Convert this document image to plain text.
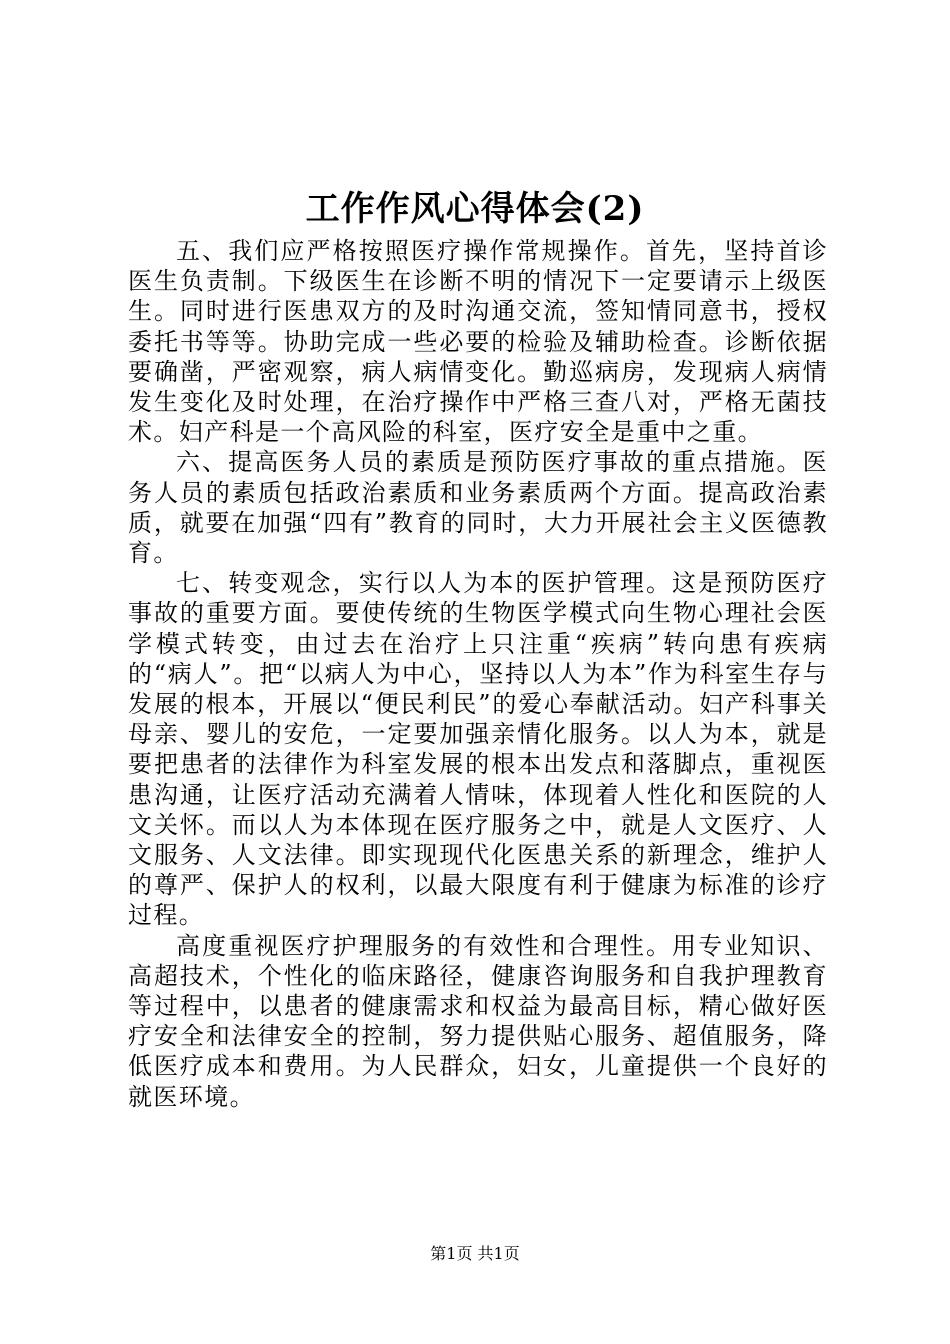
工作作风心得体会(2)

五、我们应严格按照医疗操作常规操作。首先，坚持首诊医生负责制。下级医生在诊断不明的情况下一定要请示上级医生。同时进行医患双方的及时沟通交流，签知情同意书，授权委托书等等。协助完成一些必要的检验及辅助检查。诊断依据要确凿，严密观察，病人病情变化。勤巡病房，发现病人病情发生变化及时处理，在治疗操作中严格三查八对，严格无菌技术。妇产科是一个高风险的科室，医疗安全是重中之重。

六、提高医务人员的素质是预防医疗事故的重点措施。医务人员的素质包括政治素质和业务素质两个方面。提高政治素质，就要在加强“四有”教育的同时，大力开展社会主义医德教育。

七、转变观念，实行以人为本的医护管理。这是预防医疗事故的重要方面。要使传统的生物医学模式向生物心理社会医学模式转变，由过去在治疗上只注重“疾病”转向患有疾病的“病人”。把“以病人为中心，坚持以人为本”作为科室生存与发展的根本，开展以“便民利民”的爱心奉献活动。妇产科事关母亲、婴儿的安危，一定要加强亲情化服务。以人为本，就是要把患者的法律作为科室发展的根本出发点和落脚点，重视医患沟通，让医疗活动充满着人情味，体现着人性化和医院的人文关怀。而以人为本体现在医疗服务之中，就是人文医疗、人文服务、人文法律。即实现现代化医患关系的新理念，维护人的尊严、保护人的权利，以最大限度有利于健康为标准的诊疗过程。

高度重视医疗护理服务的有效性和合理性。用专业知识、高超技术，个性化的临床路径，健康咨询服务和自我护理教育等过程中，以患者的健康需求和权益为最高目标，精心做好医疗安全和法律安全的控制，努力提供贴心服务、超值服务，降低医疗成本和费用。为人民群众，妇女，儿童提供一个良好的就医环境。

第1页 共1页
